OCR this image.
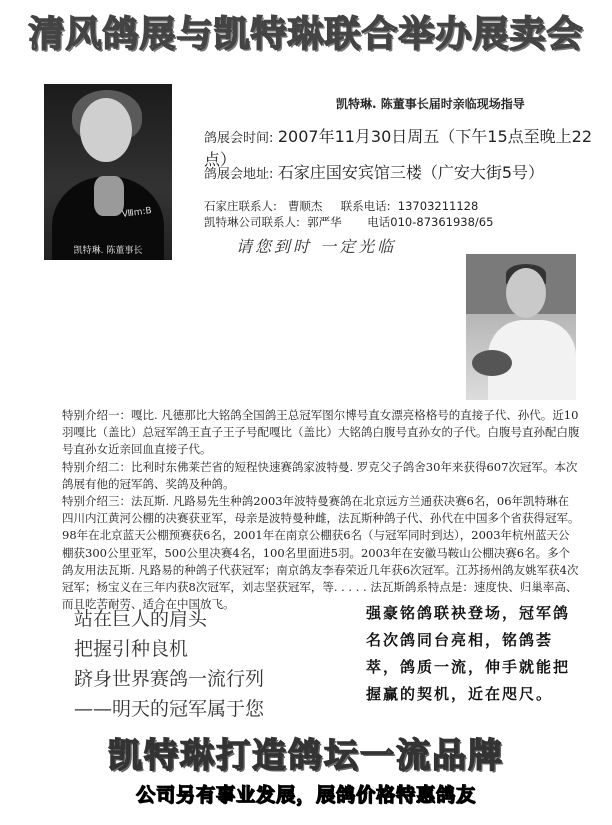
清风鸽展与凯特琳联合举办展卖会
Ⅷm:B
凯特琳. 陈董事长
凯特琳. 陈董事长届时亲临现场指导
鸽展会时间: 2007年11月30日周五（下午15点至晚上22点）
鸽展会地址: 石家庄国安宾馆三楼（广安大街5号）
石家庄联系人:   曹顺杰     联系电话:  13703211128
凯特琳公司联系人:  郭严华       电话010-87361938/65
请您到时 一定光临

特别介绍一：嘎比. 凡德那比大铭鸽全国鸽王总冠军图尔博号直女漂亮格格号的直接子代、孙代。近10羽嘎比（盖比）总冠军鸽王直子王子号配嘎比（盖比）大铭鸽白腹号直孙女的子代。白腹号直孙配白腹号直孙女近亲回血直接子代。

特别介绍二：比利时东佛莱芒省的短程快速赛鸽家波特曼. 罗克父子鸽舍30年来获得607次冠军。本次鸽展有他的冠军鸽、奖鸽及种鸽。

特别介绍三：法瓦斯. 凡路易先生种鸽2003年波特曼赛鸽在北京远方兰通获决赛6名，06年凯特琳在四川内江黄河公棚的决赛获亚军，母亲是波特曼种雌，法瓦斯种鸽子代、孙代在中国多个省获得冠军。98年在北京蓝天公棚预赛获6名，2001年在南京公棚获6名（与冠军同时到达），2003年杭州蓝天公棚获300公里亚军，500公里决赛4名，100名里面进5羽。2003年在安徽马鞍山公棚决赛6名。多个鸽友用法瓦斯. 凡路易的种鸽子代获冠军；南京鸽友李春荣近几年获6次冠军。江苏扬州鸽友姚军获4次冠军；杨宝义在三年内获8次冠军，刘志坚获冠军，等. . . . . 法瓦斯鸽系特点是：速度快、归巢率高、而且吃苦耐劳、适合在中国放飞。

站在巨人的肩头
把握引种良机
跻身世界赛鸽一流行列
——明天的冠军属于您
强豪铭鸽联袂登场，冠军鸽名次鸽同台亮相，铭鸽荟萃，鸽质一流，伸手就能把握赢的契机，近在咫尺。
凯特琳打造鸽坛一流品牌
公司另有事业发展，展鸽价格特惠鸽友
